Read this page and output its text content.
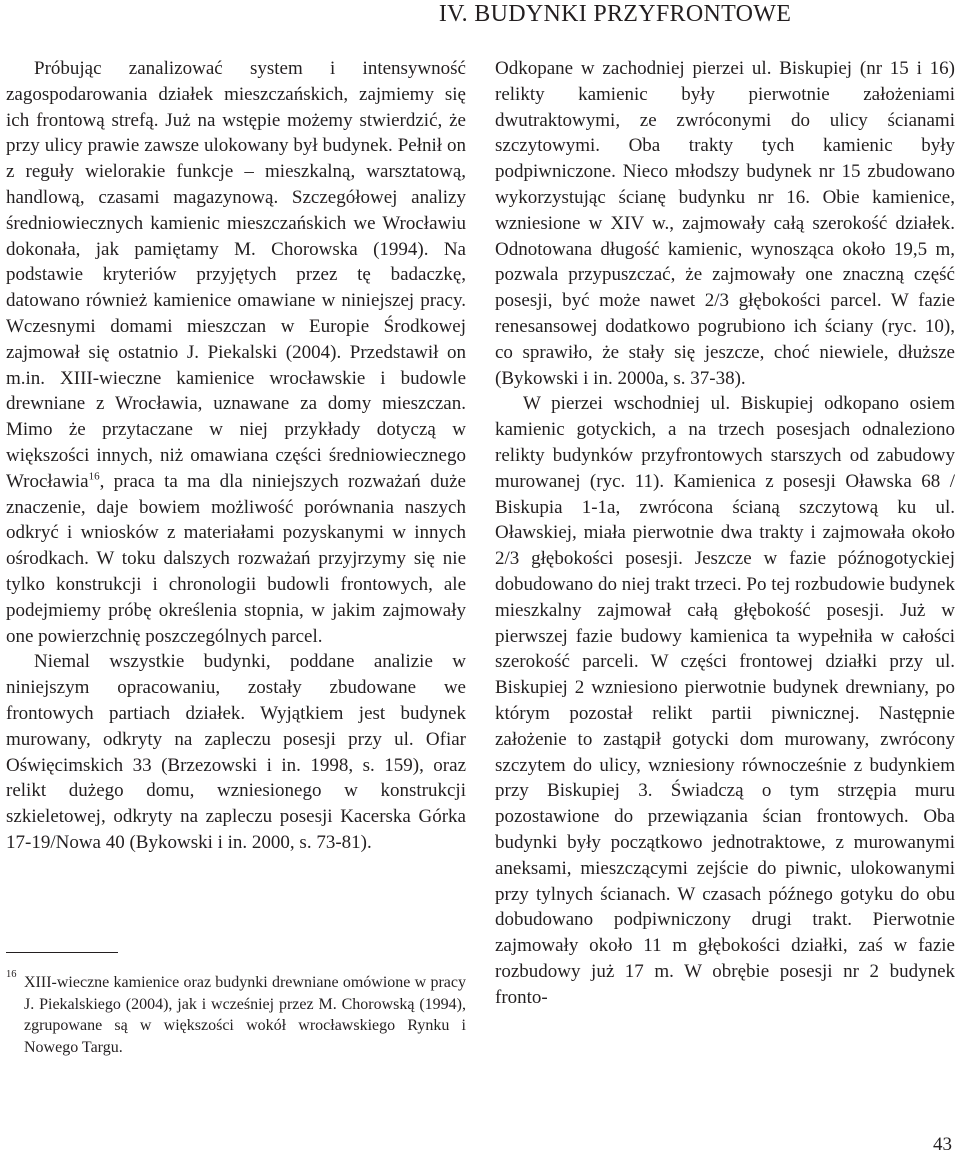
IV. BUDYNKI PRZYFRONTOWE

Próbując zanalizować system i intensywność zagospodarowania działek mieszczańskich, zajmiemy się ich frontową strefą. Już na wstępie możemy stwierdzić, że przy ulicy prawie zawsze ulokowany był budynek. Pełnił on z reguły wielorakie funkcje – mieszkalną, warsztatową, handlową, czasami magazynową. Szczegółowej analizy średniowiecznych kamienic mieszczańskich we Wrocławiu dokonała, jak pamiętamy M. Chorowska (1994). Na podstawie kryteriów przyjętych przez tę badaczkę, datowano również kamienice omawiane w niniejszej pracy. Wczesnymi domami mieszczan w Europie Środkowej zajmował się ostatnio J. Piekalski (2004). Przedstawił on m.in. XIII-wieczne kamienice wrocławskie i budowle drewniane z Wrocławia, uznawane za domy mieszczan. Mimo że przytaczane w niej przykłady dotyczą w większości innych, niż omawiana części średniowiecznego Wrocławia$^{16}$, praca ta ma dla niniejszych rozważań duże znaczenie, daje bowiem możliwość porównania naszych odkryć i wniosków z materiałami pozyskanymi w innych ośrodkach. W toku dalszych rozważań przyjrzymy się nie tylko konstrukcji i chronologii budowli frontowych, ale podejmiemy próbę określenia stopnia, w jakim zajmowały one powierzchnię poszczególnych parcel.

Niemal wszystkie budynki, poddane analizie w niniejszym opracowaniu, zostały zbudowane we frontowych partiach działek. Wyjątkiem jest budynek murowany, odkryty na zapleczu posesji przy ul. Ofiar Oświęcimskich 33 (Brzezowski i in. 1998, s. 159), oraz relikt dużego domu, wzniesionego w konstrukcji szkieletowej, odkryty na zapleczu posesji Kacerska Górka 17-19/Nowa 40 (Bykowski i in. 2000, s. 73-81).

16 XIII-wieczne kamienice oraz budynki drewniane omówione w pracy J. Piekalskiego (2004), jak i wcześniej przez M. Chorowską (1994), zgrupowane są w większości wokół wrocławskiego Rynku i Nowego Targu.

Odkopane w zachodniej pierzei ul. Biskupiej (nr 15 i 16) relikty kamienic były pierwotnie założeniami dwutraktowymi, ze zwróconymi do ulicy ścianami szczytowymi. Oba trakty tych kamienic były podpiwniczone. Nieco młodszy budynek nr 15 zbudowano wykorzystując ścianę budynku nr 16. Obie kamienice, wzniesione w XIV w., zajmowały całą szerokość działek. Odnotowana długość kamienic, wynosząca około 19,5 m, pozwala przypuszczać, że zajmowały one znaczną część posesji, być może nawet 2/3 głębokości parcel. W fazie renesansowej dodatkowo pogrubiono ich ściany (ryc. 10), co sprawiło, że stały się jeszcze, choć niewiele, dłuższe (Bykowski i in. 2000a, s. 37-38).

W pierzei wschodniej ul. Biskupiej odkopano osiem kamienic gotyckich, a na trzech posesjach odnaleziono relikty budynków przyfrontowych starszych od zabudowy murowanej (ryc. 11). Kamienica z posesji Oławska 68 / Biskupia 1-1a, zwrócona ścianą szczytową ku ul. Oławskiej, miała pierwotnie dwa trakty i zajmowała około 2/3 głębokości posesji. Jeszcze w fazie późnogotyckiej dobudowano do niej trakt trzeci. Po tej rozbudowie budynek mieszkalny zajmował całą głębokość posesji. Już w pierwszej fazie budowy kamienica ta wypełniła w całości szerokość parceli. W części frontowej działki przy ul. Biskupiej 2 wzniesiono pierwotnie budynek drewniany, po którym pozostał relikt partii piwnicznej. Następnie założenie to zastąpił gotycki dom murowany, zwrócony szczytem do ulicy, wzniesiony równocześnie z budynkiem przy Biskupiej 3. Świadczą o tym strzępia muru pozostawione do przewiązania ścian frontowych. Oba budynki były początkowo jednotraktowe, z murowanymi aneksami, mieszczącymi zejście do piwnic, ulokowanymi przy tylnych ścianach. W czasach późnego gotyku do obu dobudowano podpiwniczony drugi trakt. Pierwotnie zajmowały około 11 m głębokości działki, zaś w fazie rozbudowy już 17 m. W obrębie posesji nr 2 budynek fronto-

43
